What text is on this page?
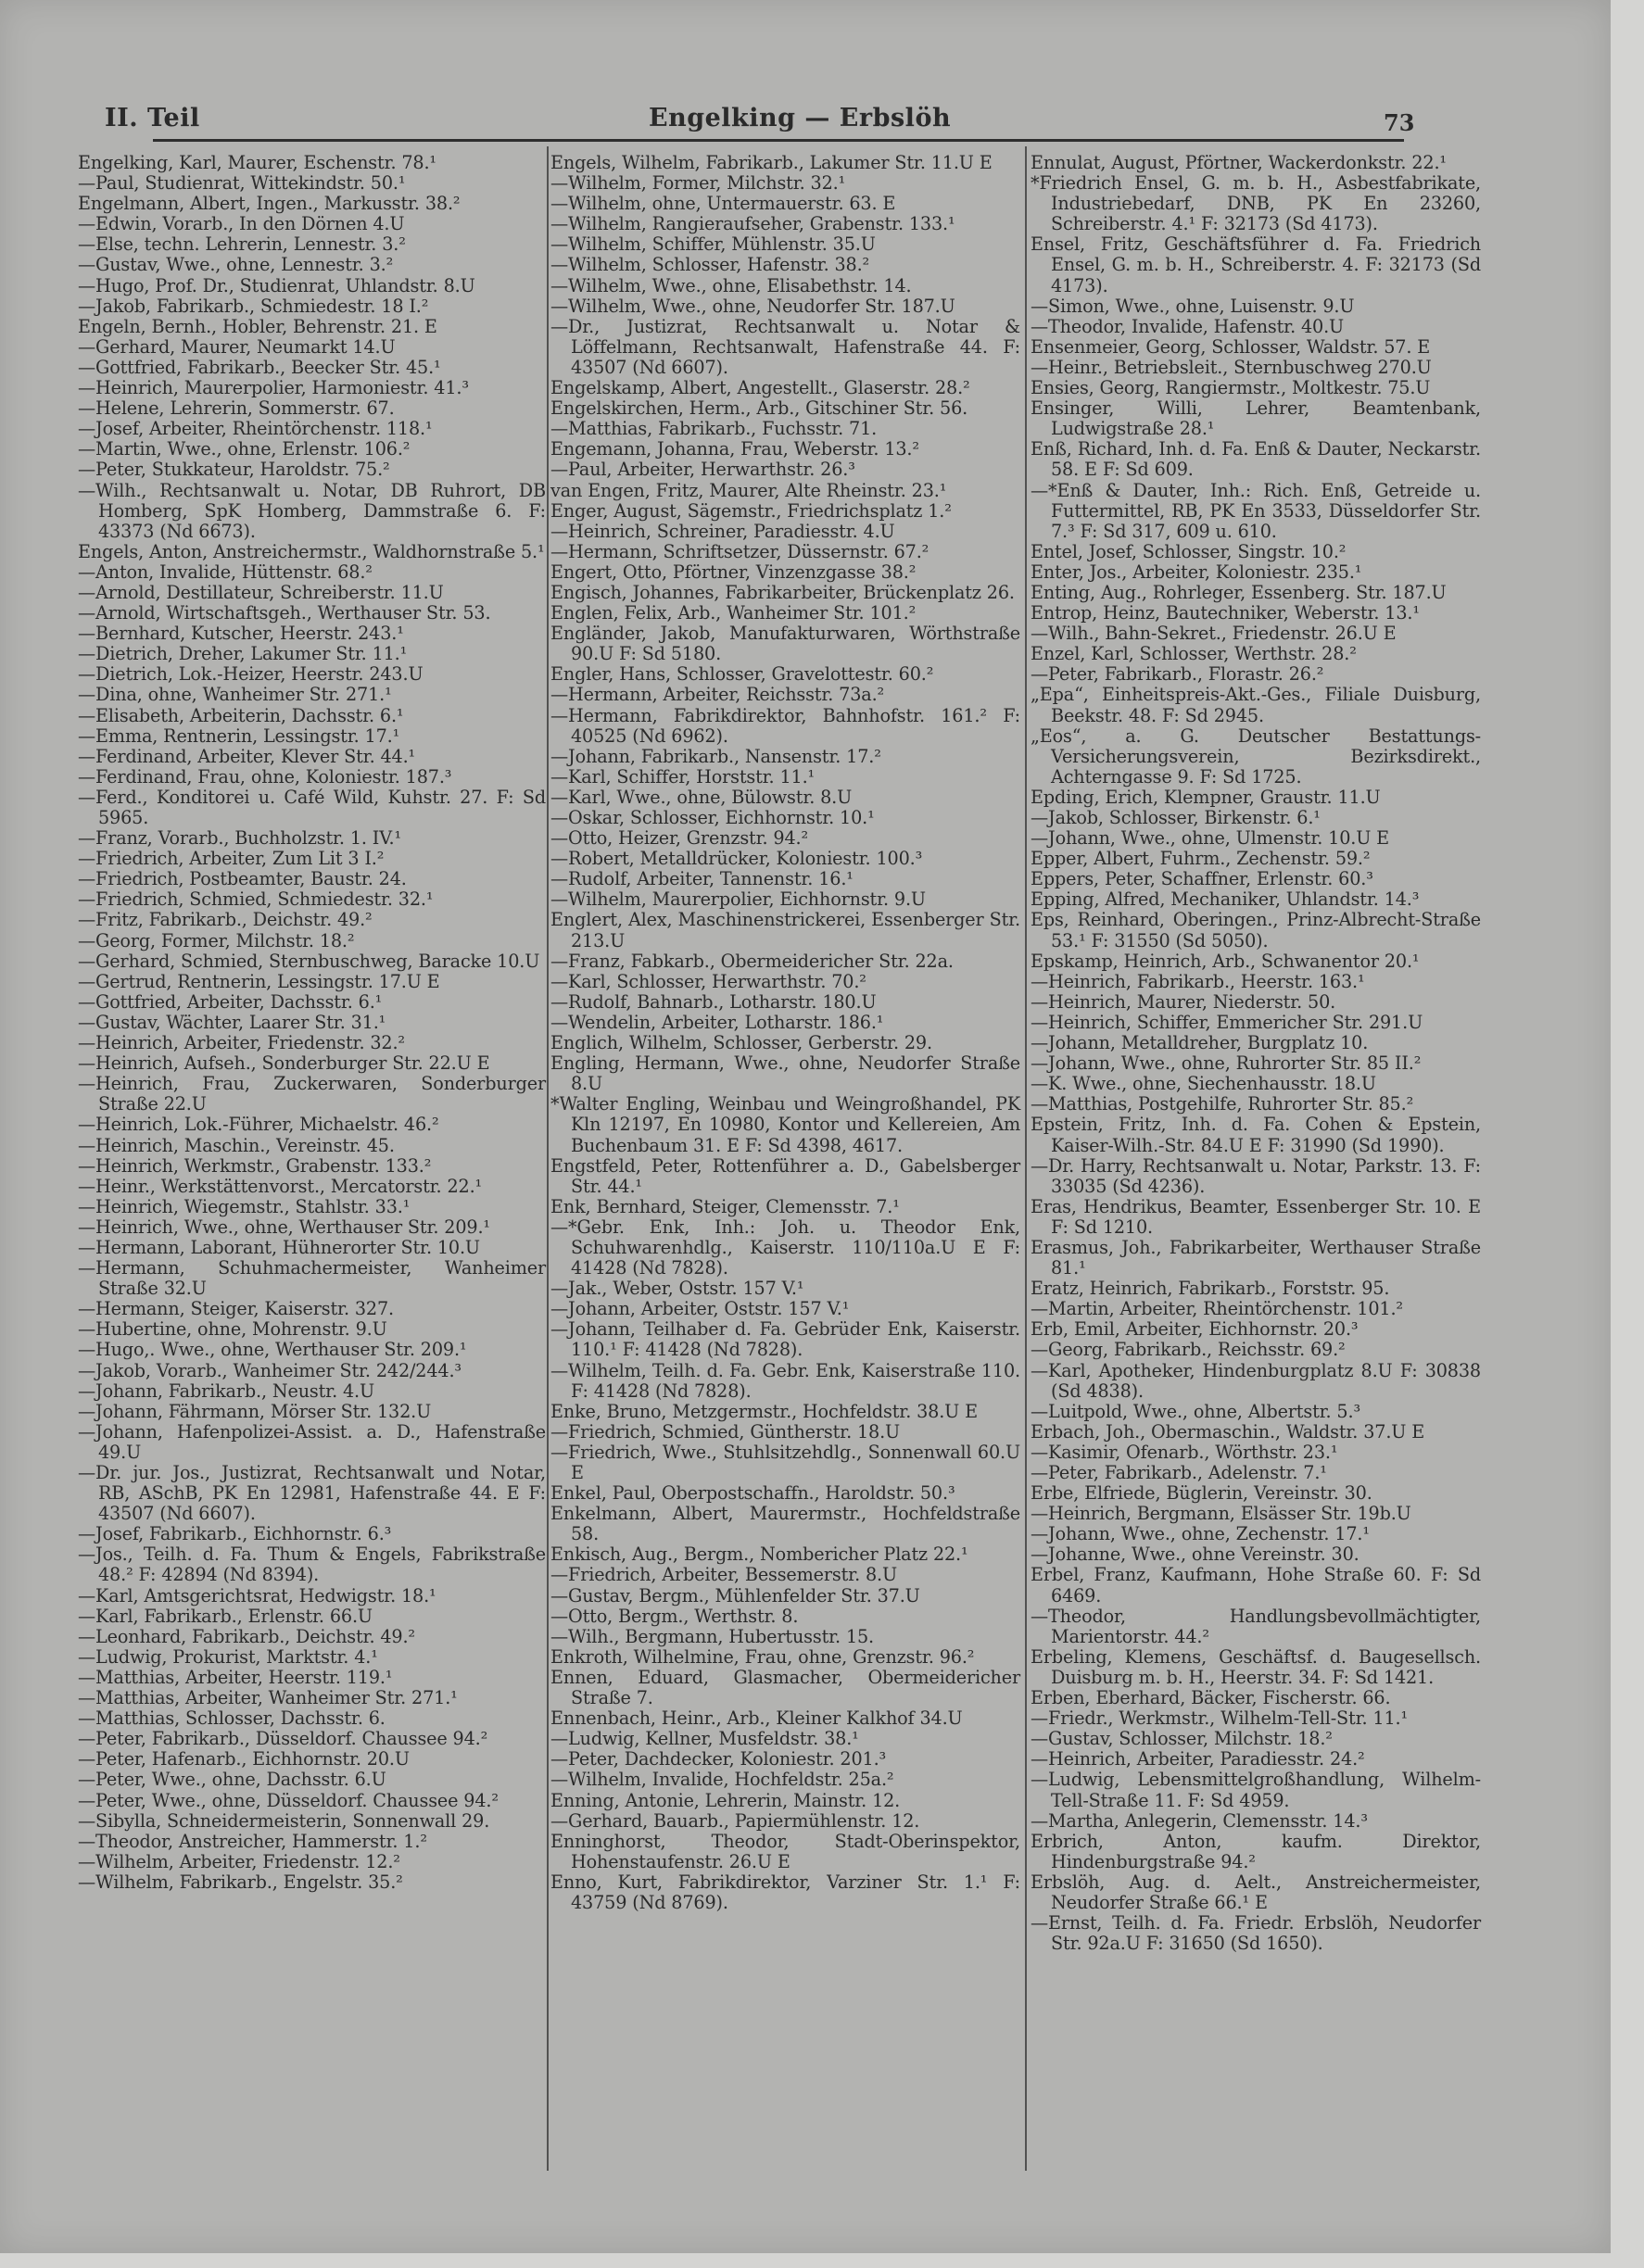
II. Teil	Engelking — Erbslöh	73
Engelking, Karl, Maurer, Eschenstr. 78.¹
—Paul, Studienrat, Wittekindstr. 50.¹
Engelmann, Albert, Ingen., Markusstr. 38.²
—Edwin, Vorarb., In den Dörnen 4.U
—Else, techn. Lehrerin, Lennestr. 3.²
—Gustav, Wwe., ohne, Lennestr. 3.²
—Hugo, Prof. Dr., Studienrat, Uhlandstr. 8.U
—Jakob, Fabrikarb., Schmiedestr. 18 I.²
Engeln, Bernh., Hobler, Behrenstr. 21. E
—Gerhard, Maurer, Neumarkt 14.U
—Gottfried, Fabrikarb., Beecker Str. 45.¹
—Heinrich, Maurerpolier, Harmoniestr. 41.³
—Helene, Lehrerin, Sommerstr. 67.
—Josef, Arbeiter, Rheintörchenstr. 118.¹
—Martin, Wwe., ohne, Erlenstr. 106.²
—Peter, Stukkateur, Haroldstr. 75.²
—Wilh., Rechtsanwalt u. Notar, DB Ruhrort, DB Homberg, SpK Homberg, Dammstraße 6. F: 43373 (Nd 6673).
Engels, Anton, Anstreichermstr., Waldhornstraße 5.¹
—Anton, Invalide, Hüttenstr. 68.²
—Arnold, Destillateur, Schreiberstr. 11.U
—Arnold, Wirtschaftsgeh., Werthauser Str. 53.
—Bernhard, Kutscher, Heerstr. 243.¹
—Dietrich, Dreher, Lakumer Str. 11.¹
—Dietrich, Lok.-Heizer, Heerstr. 243.U
—Dina, ohne, Wanheimer Str. 271.¹
—Elisabeth, Arbeiterin, Dachsstr. 6.¹
—Emma, Rentnerin, Lessingstr. 17.¹
—Ferdinand, Arbeiter, Klever Str. 44.¹
—Ferdinand, Frau, ohne, Koloniestr. 187.³
—Ferd., Konditorei u. Café Wild, Kuhstr. 27. F: Sd 5965.
—Franz, Vorarb., Buchholzstr. 1. IV.¹
—Friedrich, Arbeiter, Zum Lit 3 I.²
—Friedrich, Postbeamter, Baustr. 24.
—Friedrich, Schmied, Schmiedestr. 32.¹
—Fritz, Fabrikarb., Deichstr. 49.²
—Georg, Former, Milchstr. 18.²
—Gerhard, Schmied, Sternbuschweg, Baracke 10.U
—Gertrud, Rentnerin, Lessingstr. 17.U E
—Gottfried, Arbeiter, Dachsstr. 6.¹
—Gustav, Wächter, Laarer Str. 31.¹
—Heinrich, Arbeiter, Friedenstr. 32.²
—Heinrich, Aufseh., Sonderburger Str. 22.U E
—Heinrich, Frau, Zuckerwaren, Sonderburger Straße 22.U
—Heinrich, Lok.-Führer, Michaelstr. 46.²
—Heinrich, Maschin., Vereinstr. 45.
—Heinrich, Werkmstr., Grabenstr. 133.²
—Heinr., Werkstättenvorst., Mercatorstr. 22.¹
—Heinrich, Wiegemstr., Stahlstr. 33.¹
—Heinrich, Wwe., ohne, Werthauser Str. 209.¹
—Hermann, Laborant, Hühnerorter Str. 10.U
—Hermann, Schuhmachermeister, Wanheimer Straße 32.U
—Hermann, Steiger, Kaiserstr. 327.
—Hubertine, ohne, Mohrenstr. 9.U
—Hugo,. Wwe., ohne, Werthauser Str. 209.¹
—Jakob, Vorarb., Wanheimer Str. 242/244.³
—Johann, Fabrikarb., Neustr. 4.U
—Johann, Fährmann, Mörser Str. 132.U
—Johann, Hafenpolizei-Assist. a. D., Hafenstraße 49.U
—Dr. jur. Jos., Justizrat, Rechtsanwalt und Notar, RB, ASchB, PK En 12981, Hafenstraße 44. E F: 43507 (Nd 6607).
—Josef, Fabrikarb., Eichhornstr. 6.³
—Jos., Teilh. d. Fa. Thum & Engels, Fabrikstraße 48.² F: 42894 (Nd 8394).
—Karl, Amtsgerichtsrat, Hedwigstr. 18.¹
—Karl, Fabrikarb., Erlenstr. 66.U
—Leonhard, Fabrikarb., Deichstr. 49.²
—Ludwig, Prokurist, Marktstr. 4.¹
—Matthias, Arbeiter, Heerstr. 119.¹
—Matthias, Arbeiter, Wanheimer Str. 271.¹
—Matthias, Schlosser, Dachsstr. 6.
—Peter, Fabrikarb., Düsseldorf. Chaussee 94.²
—Peter, Hafenarb., Eichhornstr. 20.U
—Peter, Wwe., ohne, Dachsstr. 6.U
—Peter, Wwe., ohne, Düsseldorf. Chaussee 94.²
—Sibylla, Schneidermeisterin, Sonnenwall 29.
—Theodor, Anstreicher, Hammerstr. 1.²
—Wilhelm, Arbeiter, Friedenstr. 12.²
—Wilhelm, Fabrikarb., Engelstr. 35.²
Engels, Wilhelm, Fabrikarb., Lakumer Str. 11.U E
—Wilhelm, Former, Milchstr. 32.¹
—Wilhelm, ohne, Untermauerstr. 63. E
—Wilhelm, Rangieraufseher, Grabenstr. 133.¹
—Wilhelm, Schiffer, Mühlenstr. 35.U
—Wilhelm, Schlosser, Hafenstr. 38.²
—Wilhelm, Wwe., ohne, Elisabethstr. 14.
—Wilhelm, Wwe., ohne, Neudorfer Str. 187.U
—Dr., Justizrat, Rechtsanwalt u. Notar & Löffelmann, Rechtsanwalt, Hafenstraße 44. F: 43507 (Nd 6607).
Engelskamp, Albert, Angestellt., Glaserstr. 28.²
Engelskirchen, Herm., Arb., Gitschiner Str. 56.
—Matthias, Fabrikarb., Fuchsstr. 71.
Engemann, Johanna, Frau, Weberstr. 13.²
—Paul, Arbeiter, Herwarthstr. 26.³
van Engen, Fritz, Maurer, Alte Rheinstr. 23.¹
Enger, August, Sägemstr., Friedrichsplatz 1.²
—Heinrich, Schreiner, Paradiesstr. 4.U
—Hermann, Schriftsetzer, Düssernstr. 67.²
Engert, Otto, Pförtner, Vinzenzgasse 38.²
Engisch, Johannes, Fabrikarbeiter, Brückenplatz 26.
Englen, Felix, Arb., Wanheimer Str. 101.²
Engländer, Jakob, Manufakturwaren, Wörthstraße 90.U F: Sd 5180.
Engler, Hans, Schlosser, Gravelottestr. 60.²
—Hermann, Arbeiter, Reichsstr. 73a.²
—Hermann, Fabrikdirektor, Bahnhofstr. 161.² F: 40525 (Nd 6962).
—Johann, Fabrikarb., Nansenstr. 17.²
—Karl, Schiffer, Horststr. 11.¹
—Karl, Wwe., ohne, Bülowstr. 8.U
—Oskar, Schlosser, Eichhornstr. 10.¹
—Otto, Heizer, Grenzstr. 94.²
—Robert, Metalldrücker, Koloniestr. 100.³
—Rudolf, Arbeiter, Tannenstr. 16.¹
—Wilhelm, Maurerpolier, Eichhornstr. 9.U
Englert, Alex, Maschinenstrickerei, Essenberger Str. 213.U
—Franz, Fabkarb., Obermeidericher Str. 22a.
—Karl, Schlosser, Herwarthstr. 70.²
—Rudolf, Bahnarb., Lotharstr. 180.U
—Wendelin, Arbeiter, Lotharstr. 186.¹
Englich, Wilhelm, Schlosser, Gerberstr. 29.
Engling, Hermann, Wwe., ohne, Neudorfer Straße 8.U
*Walter Engling, Weinbau und Weingroßhandel, PK Kln 12197, En 10980, Kontor und Kellereien, Am Buchenbaum 31. E F: Sd 4398, 4617.
Engstfeld, Peter, Rottenführer a. D., Gabelsberger Str. 44.¹
Enk, Bernhard, Steiger, Clemensstr. 7.¹
—*Gebr. Enk, Inh.: Joh. u. Theodor Enk, Schuhwarenhdlg., Kaiserstr. 110/110a.U E F: 41428 (Nd 7828).
—Jak., Weber, Oststr. 157 V.¹
—Johann, Arbeiter, Oststr. 157 V.¹
—Johann, Teilhaber d. Fa. Gebrüder Enk, Kaiserstr. 110.¹ F: 41428 (Nd 7828).
—Wilhelm, Teilh. d. Fa. Gebr. Enk, Kaiserstraße 110. F: 41428 (Nd 7828).
Enke, Bruno, Metzgermstr., Hochfeldstr. 38.U E
—Friedrich, Schmied, Güntherstr. 18.U
—Friedrich, Wwe., Stuhlsitzehdlg., Sonnenwall 60.U E
Enkel, Paul, Oberpostschaffn., Haroldstr. 50.³
Enkelmann, Albert, Maurermstr., Hochfeldstraße 58.
Enkisch, Aug., Bergm., Nombericher Platz 22.¹
—Friedrich, Arbeiter, Bessemerstr. 8.U
—Gustav, Bergm., Mühlenfelder Str. 37.U
—Otto, Bergm., Werthstr. 8.
—Wilh., Bergmann, Hubertusstr. 15.
Enkroth, Wilhelmine, Frau, ohne, Grenzstr. 96.²
Ennen, Eduard, Glasmacher, Obermeidericher Straße 7.
Ennenbach, Heinr., Arb., Kleiner Kalkhof 34.U
—Ludwig, Kellner, Musfeldstr. 38.¹
—Peter, Dachdecker, Koloniestr. 201.³
—Wilhelm, Invalide, Hochfeldstr. 25a.²
Enning, Antonie, Lehrerin, Mainstr. 12.
—Gerhard, Bauarb., Papiermühlenstr. 12.
Enninghorst, Theodor, Stadt-Oberinspektor, Hohenstaufenstr. 26.U E
Enno, Kurt, Fabrikdirektor, Varziner Str. 1.¹ F: 43759 (Nd 8769).
Ennulat, August, Pförtner, Wackerdonkstr. 22.¹
*Friedrich Ensel, G. m. b. H., Asbestfabrikate, Industriebedarf, DNB, PK En 23260, Schreiberstr. 4.¹ F: 32173 (Sd 4173).
Ensel, Fritz, Geschäftsführer d. Fa. Friedrich Ensel, G. m. b. H., Schreiberstr. 4. F: 32173 (Sd 4173).
—Simon, Wwe., ohne, Luisenstr. 9.U
—Theodor, Invalide, Hafenstr. 40.U
Ensenmeier, Georg, Schlosser, Waldstr. 57. E
—Heinr., Betriebsleit., Sternbuschweg 270.U
Ensies, Georg, Rangiermstr., Moltkestr. 75.U
Ensinger, Willi, Lehrer, Beamtenbank, Ludwigstraße 28.¹
Enß, Richard, Inh. d. Fa. Enß & Dauter, Neckarstr. 58. E F: Sd 609.
—*Enß & Dauter, Inh.: Rich. Enß, Getreide u. Futtermittel, RB, PK En 3533, Düsseldorfer Str. 7.³ F: Sd 317, 609 u. 610.
Entel, Josef, Schlosser, Singstr. 10.²
Enter, Jos., Arbeiter, Koloniestr. 235.¹
Enting, Aug., Rohrleger, Essenberg. Str. 187.U
Entrop, Heinz, Bautechniker, Weberstr. 13.¹
—Wilh., Bahn-Sekret., Friedenstr. 26.U E
Enzel, Karl, Schlosser, Werthstr. 28.²
—Peter, Fabrikarb., Florastr. 26.²
„Epa“, Einheitspreis-Akt.-Ges., Filiale Duisburg, Beekstr. 48. F: Sd 2945.
„Eos“, a. G. Deutscher Bestattungs-Versicherungsverein, Bezirksdirekt., Achterngasse 9. F: Sd 1725.
Epding, Erich, Klempner, Graustr. 11.U
—Jakob, Schlosser, Birkenstr. 6.¹
—Johann, Wwe., ohne, Ulmenstr. 10.U E
Epper, Albert, Fuhrm., Zechenstr. 59.²
Eppers, Peter, Schaffner, Erlenstr. 60.³
Epping, Alfred, Mechaniker, Uhlandstr. 14.³
Eps, Reinhard, Oberingen., Prinz-Albrecht-Straße 53.¹ F: 31550 (Sd 5050).
Epskamp, Heinrich, Arb., Schwanentor 20.¹
—Heinrich, Fabrikarb., Heerstr. 163.¹
—Heinrich, Maurer, Niederstr. 50.
—Heinrich, Schiffer, Emmericher Str. 291.U
—Johann, Metalldreher, Burgplatz 10.
—Johann, Wwe., ohne, Ruhrorter Str. 85 II.²
—K. Wwe., ohne, Siechenhausstr. 18.U
—Matthias, Postgehilfe, Ruhrorter Str. 85.²
Epstein, Fritz, Inh. d. Fa. Cohen & Epstein, Kaiser-Wilh.-Str. 84.U E F: 31990 (Sd 1990).
—Dr. Harry, Rechtsanwalt u. Notar, Parkstr. 13. F: 33035 (Sd 4236).
Eras, Hendrikus, Beamter, Essenberger Str. 10. E F: Sd 1210.
Erasmus, Joh., Fabrikarbeiter, Werthauser Straße 81.¹
Eratz, Heinrich, Fabrikarb., Forststr. 95.
—Martin, Arbeiter, Rheintörchenstr. 101.²
Erb, Emil, Arbeiter, Eichhornstr. 20.³
—Georg, Fabrikarb., Reichsstr. 69.²
—Karl, Apotheker, Hindenburgplatz 8.U F: 30838 (Sd 4838).
—Luitpold, Wwe., ohne, Albertstr. 5.³
Erbach, Joh., Obermaschin., Waldstr. 37.U E
—Kasimir, Ofenarb., Wörthstr. 23.¹
—Peter, Fabrikarb., Adelenstr. 7.¹
Erbe, Elfriede, Büglerin, Vereinstr. 30.
—Heinrich, Bergmann, Elsässer Str. 19b.U
—Johann, Wwe., ohne, Zechenstr. 17.¹
—Johanne, Wwe., ohne Vereinstr. 30.
Erbel, Franz, Kaufmann, Hohe Straße 60. F: Sd 6469.
—Theodor, Handlungsbevollmächtigter, Marientorstr. 44.²
Erbeling, Klemens, Geschäftsf. d. Baugesellsch. Duisburg m. b. H., Heerstr. 34. F: Sd 1421.
Erben, Eberhard, Bäcker, Fischerstr. 66.
—Friedr., Werkmstr., Wilhelm-Tell-Str. 11.¹
—Gustav, Schlosser, Milchstr. 18.²
—Heinrich, Arbeiter, Paradiesstr. 24.²
—Ludwig, Lebensmittelgroßhandlung, Wilhelm-Tell-Straße 11. F: Sd 4959.
—Martha, Anlegerin, Clemensstr. 14.³
Erbrich, Anton, kaufm. Direktor, Hindenburgstraße 94.²
Erbslöh, Aug. d. Aelt., Anstreichermeister, Neudorfer Straße 66.¹ E
—Ernst, Teilh. d. Fa. Friedr. Erbslöh, Neudorfer Str. 92a.U F: 31650 (Sd 1650).
